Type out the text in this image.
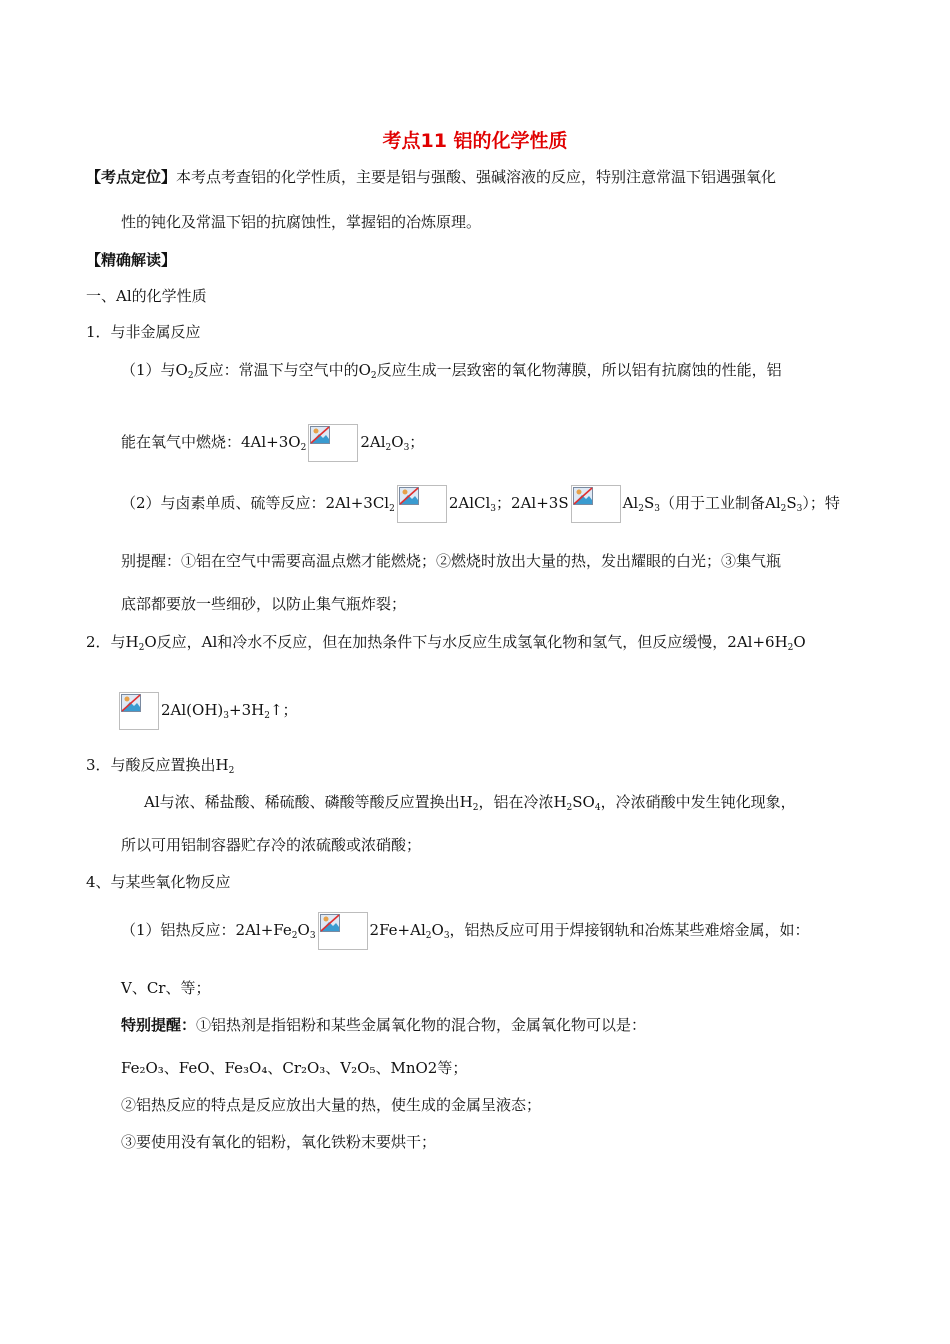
考点11 铝的化学性质
【考点定位】本考点考查铝的化学性质，主要是铝与强酸、强碱溶液的反应，特别注意常温下铝遇强氧化
性的钝化及常温下铝的抗腐蚀性，掌握铝的冶炼原理。
【精确解读】
一、Al的化学性质
1．与非金属反应
（1）与$O_2$反应：常温下与空气中的$O_2$反应生成一层致密的氧化物薄膜，所以铝有抗腐蚀的性能，铝
能在氧气中燃烧：$4Al+3O_2$	$2Al_2O_3$；
（2）与卤素单质、硫等反应：$2Al+3Cl_2$	2AlCl$_3$；2Al+3S	$Al_2S_3$（用于工业制备$Al_2S_3$）；特
别提醒：①铝在空气中需要高温点燃才能燃烧；②燃烧时放出大量的热，发出耀眼的白光；③集气瓶
底部都要放一些细砂，以防止集气瓶炸裂；
2．与$H_2O$反应，Al和冷水不反应，但在加热条件下与水反应生成氢氧化物和氢气，但反应缓慢，$2Al+6H_2O$
$2Al(OH)_3+3H_2↑$；
3．与酸反应置换出$H_2$
Al与浓、稀盐酸、稀硫酸、磷酸等酸反应置换出$H_2$，铝在冷浓$H_2SO_4$，冷浓硝酸中发生钝化现象，
所以可用铝制容器贮存冷的浓硫酸或浓硝酸；
4、与某些氧化物反应
（1）铝热反应：$2Al+Fe_2O_3$	$2Fe+Al_2O_3$，铝热反应可用于焊接钢轨和冶炼某些难熔金属，如：
V、Cr、等；
特别提醒：①铝热剂是指铝粉和某些金属氧化物的混合物，金属氧化物可以是：
Fe₂O₃、FeO、Fe₃O₄、Cr₂O₃、V₂O₅、MnO2等；
②铝热反应的特点是反应放出大量的热，使生成的金属呈液态；
③要使用没有氧化的铝粉，氧化铁粉末要烘干；
